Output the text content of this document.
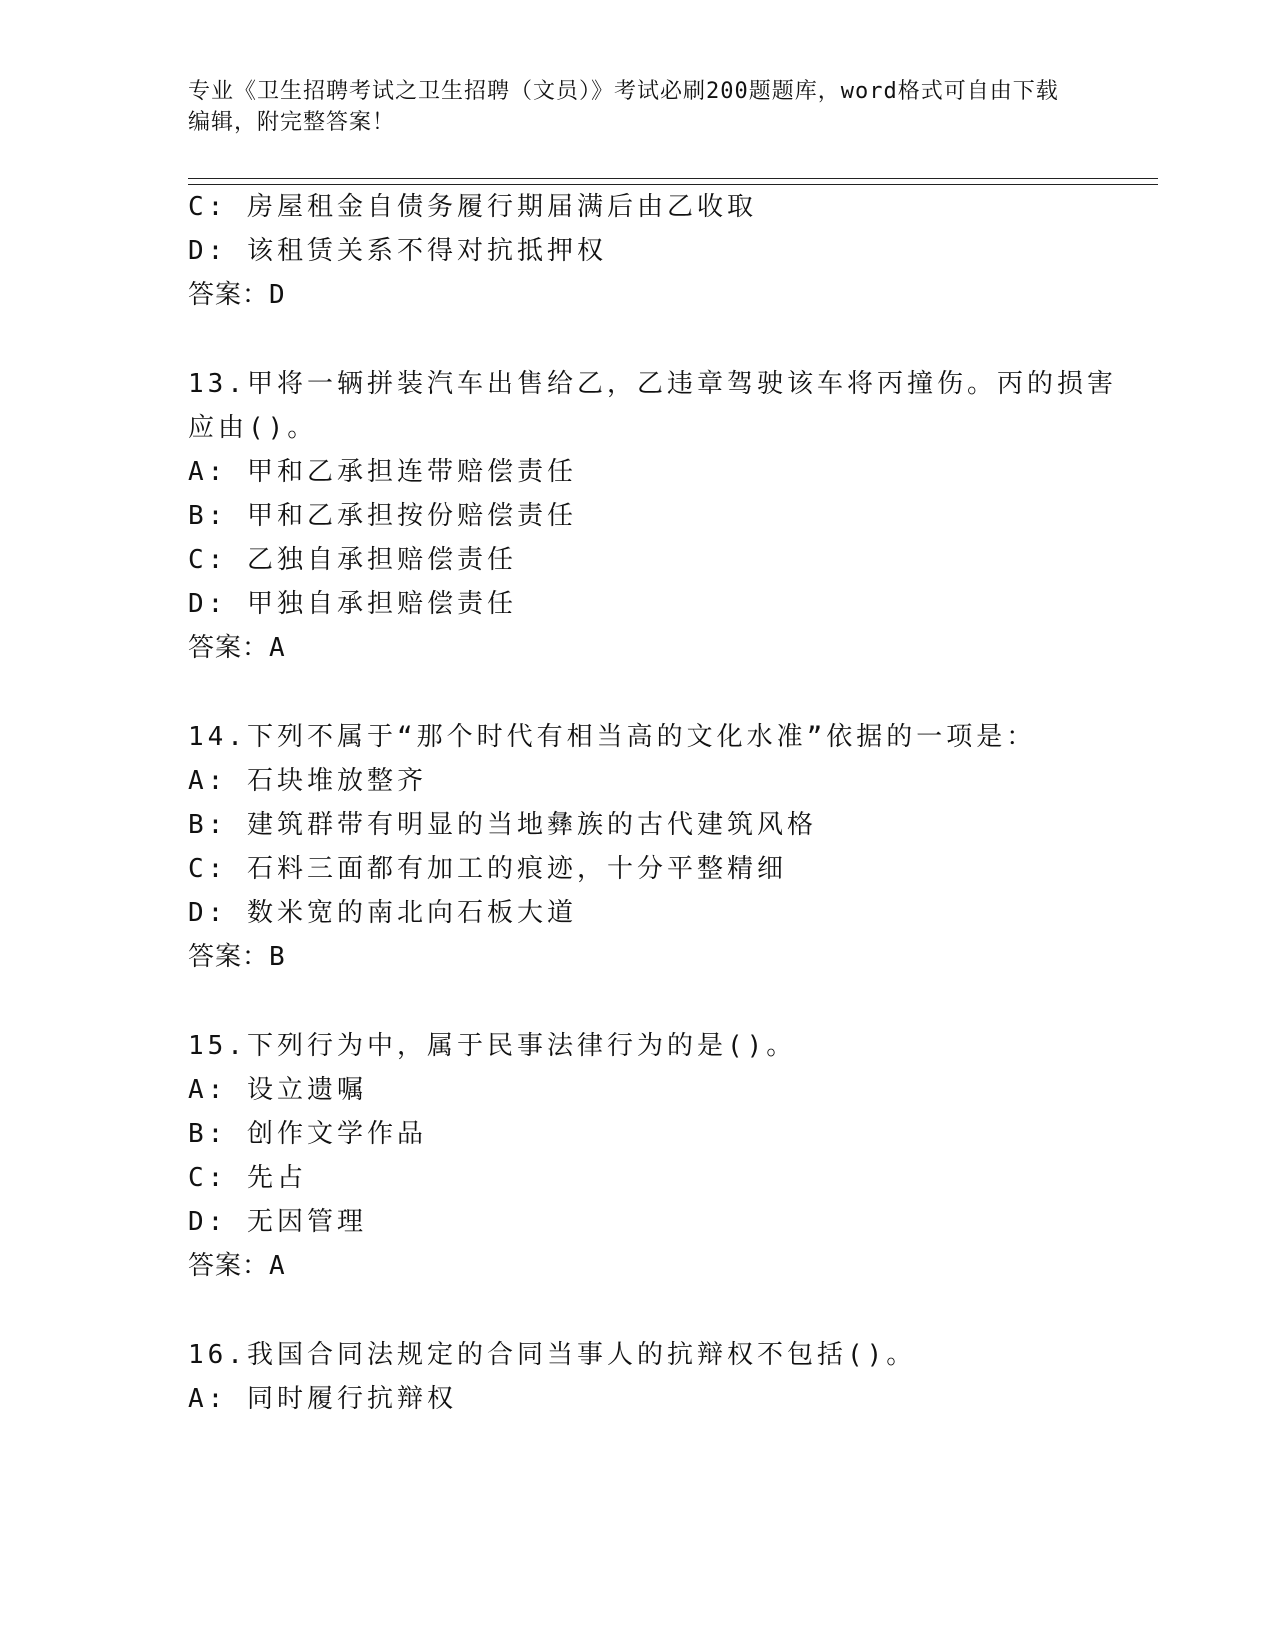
专业《卫生招聘考试之卫生招聘（文员）》考试必刷200题题库，word格式可自由下载编辑，附完整答案！
C: 房屋租金自债务履行期届满后由乙收取
D: 该租赁关系不得对抗抵押权
答案：D
13.甲将一辆拼装汽车出售给乙，乙违章驾驶该车将丙撞伤。丙的损害
应由()。
A: 甲和乙承担连带赔偿责任
B: 甲和乙承担按份赔偿责任
C: 乙独自承担赔偿责任
D: 甲独自承担赔偿责任
答案：A
14.下列不属于“那个时代有相当高的文化水准”依据的一项是：
A: 石块堆放整齐
B: 建筑群带有明显的当地彝族的古代建筑风格
C: 石料三面都有加工的痕迹，十分平整精细
D: 数米宽的南北向石板大道
答案：B
15.下列行为中，属于民事法律行为的是()。
A: 设立遗嘱
B: 创作文学作品
C: 先占
D: 无因管理
答案：A
16.我国合同法规定的合同当事人的抗辩权不包括()。
A: 同时履行抗辩权
